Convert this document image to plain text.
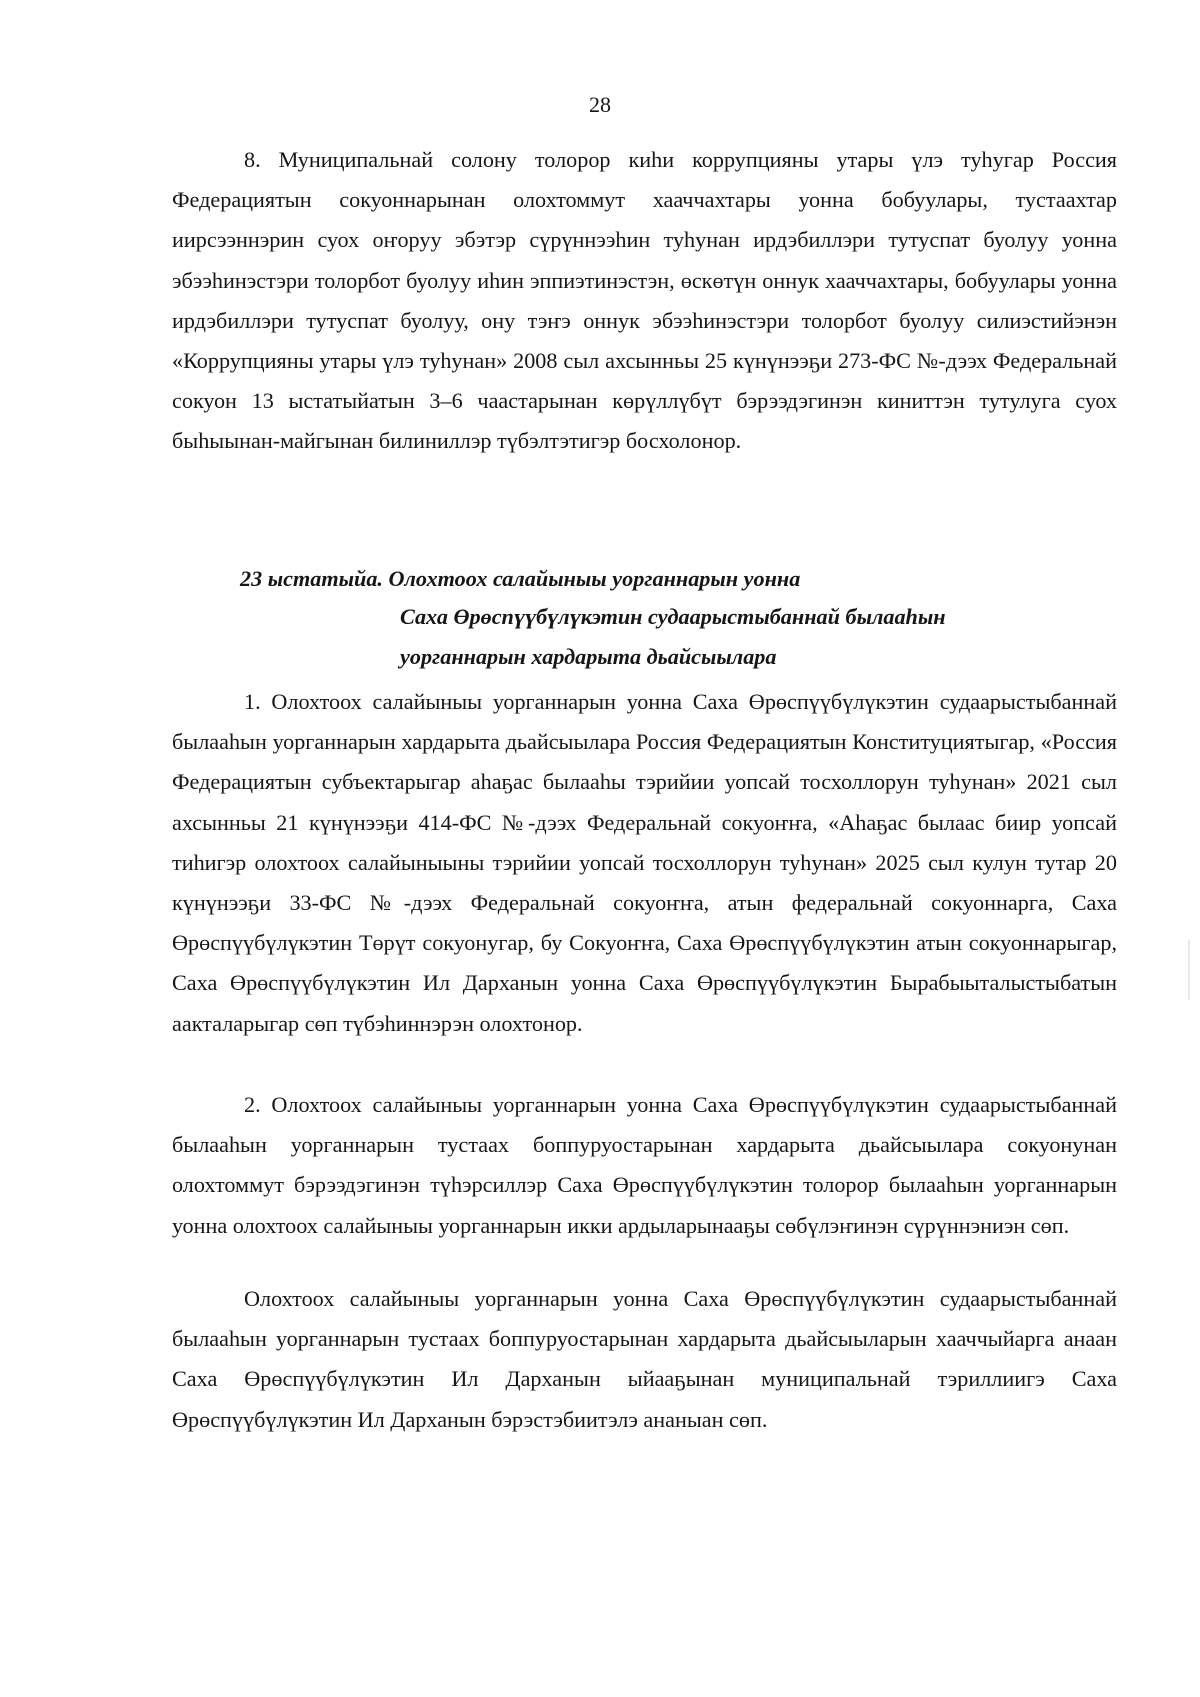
28

8. Муниципальнай солону толорор киһи коррупцияны утары үлэ туһугар Россия Федерациятын сокуоннарынан олохтоммут хааччахтары уонна бобуулары, тустаахтар иирсээннэрин суох оҥоруу эбэтэр сүрүннээһин туһунан ирдэбиллэри тутуспат буолуу уонна эбээһинэстэри толорбот буолуу иһин эппиэтинэстэн, өскөтүн оннук хааччахтары, бобуулары уонна ирдэбиллэри тутуспат буолуу, ону тэҥэ оннук эбээһинэстэри толорбот буолуу силиэстийэнэн «Коррупцияны утары үлэ туһунан» 2008 сыл ахсынньы 25 күнүнээҕи 273-ФС №-дээх Федеральнай сокуон 13 ыстатыйатын 3–6 чаастарынан көрүллүбүт бэрээдэгинэн киниттэн тутулуга суох быһыынан-майгынан билиниллэр түбэлтэтигэр босхолонор.

23 ыстатыйа. Олохтоох салайыныы уорганнарын уонна

Саха Өрөспүүбүлүкэтин судаарыстыбаннай былааһын

уорганнарын хардарыта дьайсыылара

1. Олохтоох салайыныы уорганнарын уонна Саха Өрөспүүбүлүкэтин судаарыстыбаннай былааһын уорганнарын хардарыта дьайсыылара Россия Федерациятын Конституциятыгар, «Россия Федерациятын субъектарыгар аһаҕас былааһы тэрийии уопсай тосхоллорун туһунан» 2021 сыл ахсынньы 21 күнүнээҕи 414-ФС №-дээх Федеральнай сокуоҥҥа, «Аһаҕас былаас биир уопсай тиһигэр олохтоох салайыныыны тэрийии уопсай тосхоллорун туһунан» 2025 сыл кулун тутар 20 күнүнээҕи 33-ФС №-дээх Федеральнай сокуоҥҥа, атын федеральнай сокуоннарга, Саха Өрөспүүбүлүкэтин Төрүт сокуонугар, бу Сокуоҥҥа, Саха Өрөспүүбүлүкэтин атын сокуоннарыгар, Саха Өрөспүүбүлүкэтин Ил Дарханын уонна Саха Өрөспүүбүлүкэтин Бырабыыталыстыбатын аакталарыгар сөп түбэһиннэрэн олохтонор.

2. Олохтоох салайыныы уорганнарын уонна Саха Өрөспүүбүлүкэтин судаарыстыбаннай былааһын уорганнарын тустаах боппуруостарынан хардарыта дьайсыылара сокуонунан олохтоммут бэрээдэгинэн түһэрсиллэр Саха Өрөспүүбүлүкэтин толорор былааһын уорганнарын уонна олохтоох салайыныы уорганнарын икки ардыларынааҕы сөбүлэҥинэн сүрүннэниэн сөп.

Олохтоох салайыныы уорганнарын уонна Саха Өрөспүүбүлүкэтин судаарыстыбаннай былааһын уорганнарын тустаах боппуруостарынан хардарыта дьайсыыларын хааччыйарга анаан Саха Өрөспүүбүлүкэтин Ил Дарханын ыйааҕынан муниципальнай тэриллиигэ Саха Өрөспүүбүлүкэтин Ил Дарханын бэрэстэбиитэлэ ананыан сөп.
